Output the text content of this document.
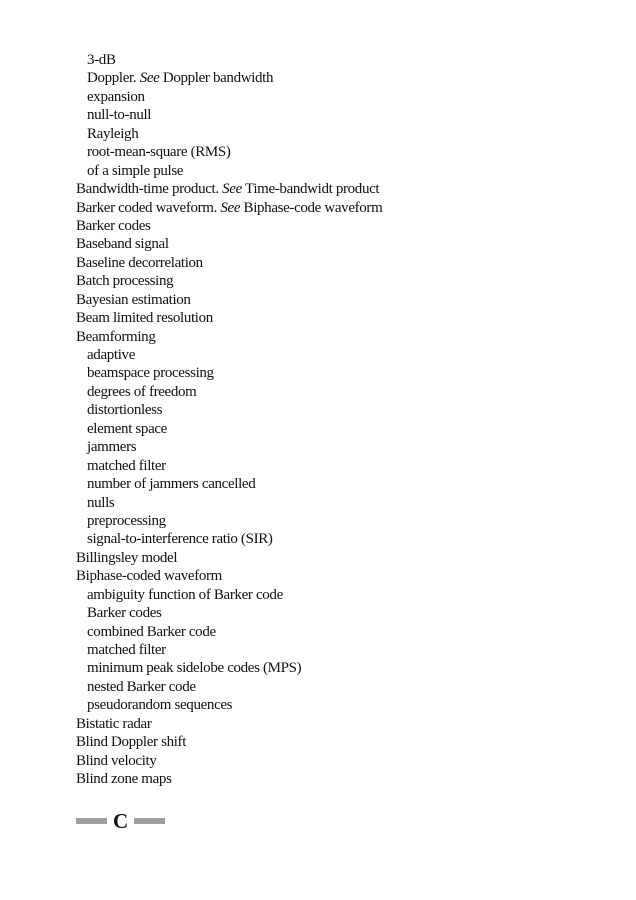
3-dB
Doppler. See Doppler bandwidth
expansion
null-to-null
Rayleigh
root-mean-square (RMS)
of a simple pulse
Bandwidth-time product. See Time-bandwidt product
Barker coded waveform. See Biphase-code waveform
Barker codes
Baseband signal
Baseline decorrelation
Batch processing
Bayesian estimation
Beam limited resolution
Beamforming
adaptive
beamspace processing
degrees of freedom
distortionless
element space
jammers
matched filter
number of jammers cancelled
nulls
preprocessing
signal-to-interference ratio (SIR)
Billingsley model
Biphase-coded waveform
ambiguity function of Barker code
Barker codes
combined Barker code
matched filter
minimum peak sidelobe codes (MPS)
nested Barker code
pseudorandom sequences
Bistatic radar
Blind Doppler shift
Blind velocity
Blind zone maps
C
